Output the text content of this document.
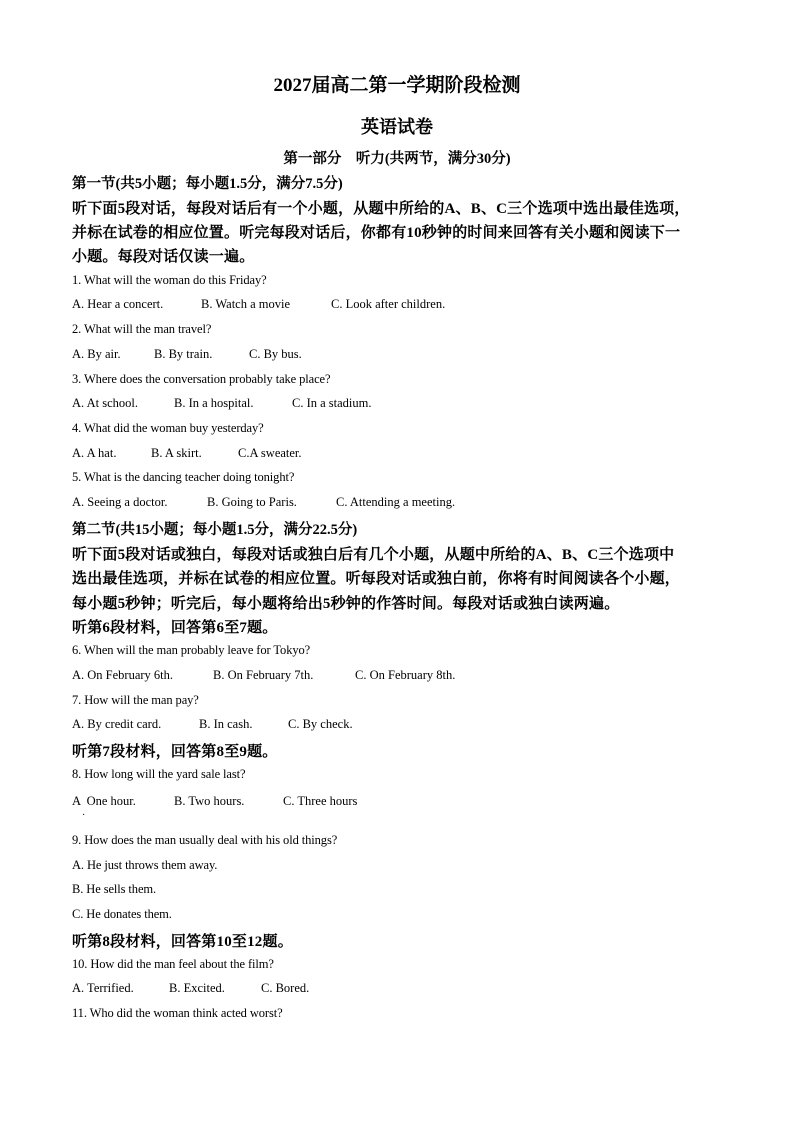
2027届高二第一学期阶段检测
英语试卷
第一部分　听力(共两节，满分30分)
第一节(共5小题；每小题1.5分，满分7.5分)
听下面5段对话，每段对话后有一个小题，从题中所给的A、B、C三个选项中选出最佳选项，
并标在试卷的相应位置。听完每段对话后，你都有10秒钟的时间来回答有关小题和阅读下一
小题。每段对话仅读一遍。
1. What will the woman do this Friday?
A. Hear a concert.	B. Watch a movie	C. Look after children.
2. What will the man travel?
A. By air.	B. By train.	C. By bus.
3. Where does the conversation probably take place?
A. At school.	B. In a hospital.	C. In a stadium.
4. What did the woman buy yesterday?
A. A hat.	B. A skirt.	C.A sweater.
5. What is the dancing teacher doing tonight?
A. Seeing a doctor.	B. Going to Paris.	C. Attending a meeting.
第二节(共15小题；每小题1.5分，满分22.5分)
听下面5段对话或独白，每段对话或独白后有几个小题，从题中所给的A、B、C三个选项中
选出最佳选项，并标在试卷的相应位置。听每段对话或独白前，你将有时间阅读各个小题，
每小题5秒钟；听完后，每小题将给出5秒钟的作答时间。每段对话或独白读两遍。
听第6段材料，回答第6至7题。
6. When will the man probably leave for Tokyo?
A. On February 6th.	B. On February 7th.	C. On February 8th.
7. How will the man pay?
A. By credit card.	B. In cash.	C. By check.
听第7段材料，回答第8至9题。
8. How long will the yard sale last?
A  One hour.	B. Two hours.	C. Three hours
·
9. How does the man usually deal with his old things?
A. He just throws them away.
B. He sells them.
C. He donates them.
听第8段材料，回答第10至12题。
10. How did the man feel about the film?
A. Terrified.	B. Excited.	C. Bored.
11. Who did the woman think acted worst?
